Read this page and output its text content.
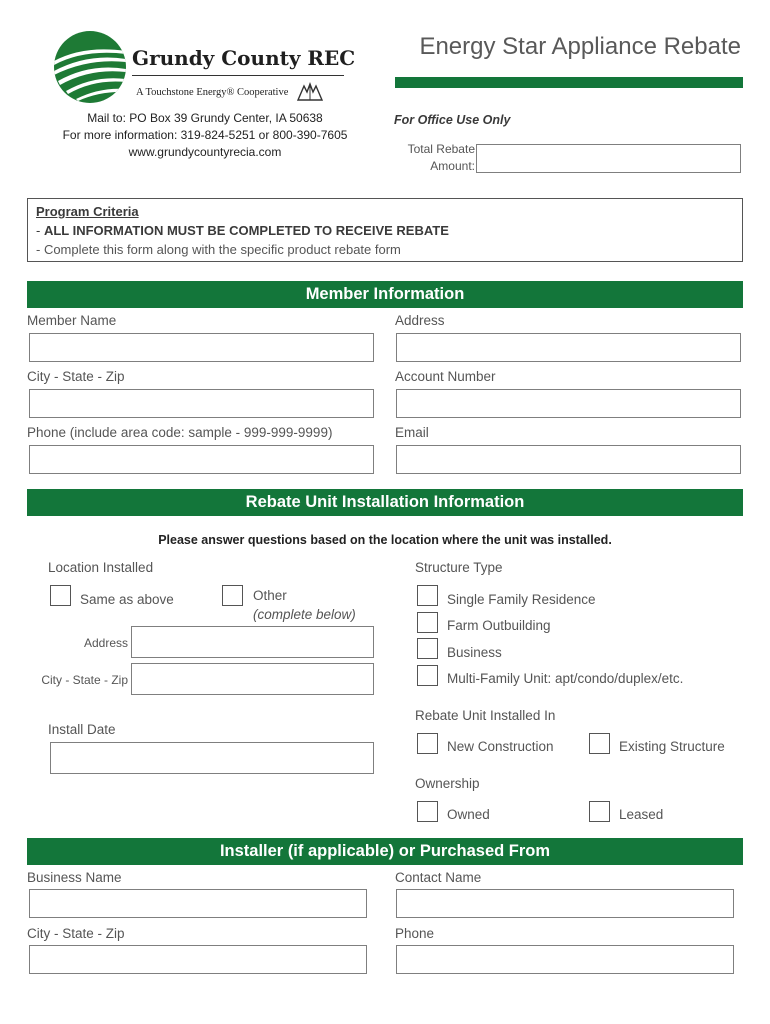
Grundy County REC
A Touchstone Energy® Cooperative
Mail to: PO Box 39 Grundy Center, IA 50638
For more information: 319-824-5251 or 800-390-7605
www.grundycountyrecia.com
Energy Star Appliance Rebate
For Office Use Only
Total Rebate
Amount:
Program Criteria
- ALL INFORMATION MUST BE COMPLETED TO RECEIVE REBATE
- Complete this form along with the specific product rebate form
Member Information
Member Name	Address
City - State - Zip	Account Number
Phone (include area code: sample - 999-999-9999)	Email
Rebate Unit Installation Information
Please answer questions based on the location where the unit was installed.
Location Installed
Same as above	Other
(complete below)
Address
City - State - Zip
Install Date
Structure Type
Single Family Residence
Farm Outbuilding
Business
Multi-Family Unit: apt/condo/duplex/etc.
Rebate Unit Installed In
New Construction	Existing Structure
Ownership
Owned	Leased
Installer (if applicable) or Purchased From
Business Name	Contact Name
City - State - Zip	Phone
